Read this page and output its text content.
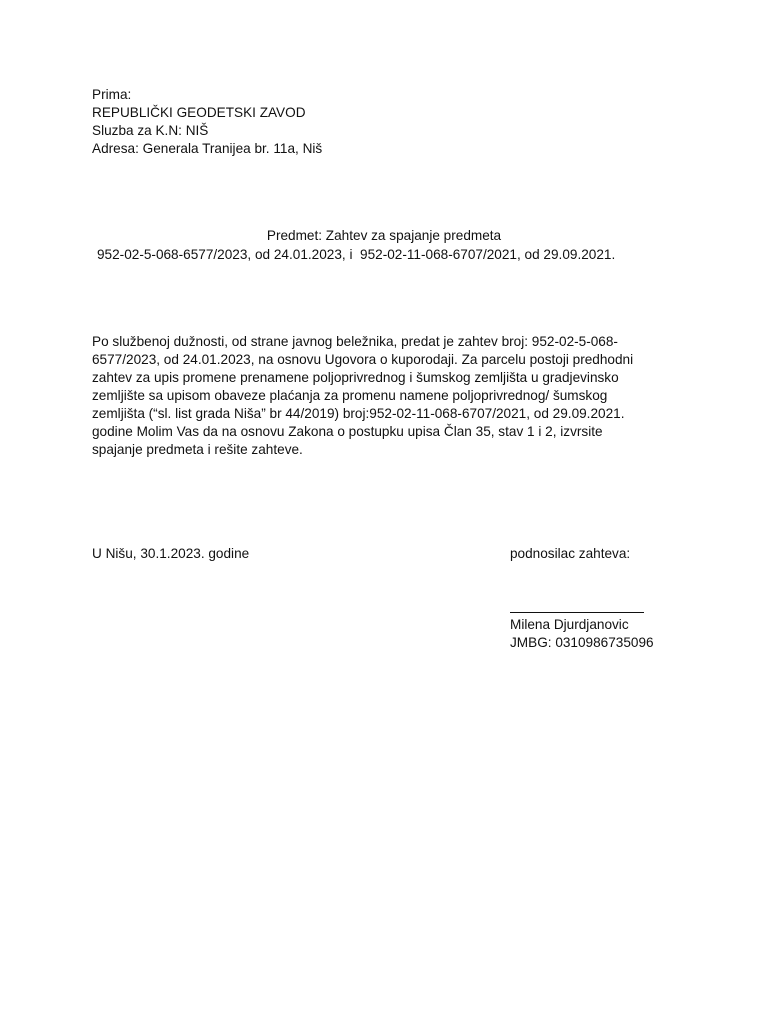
Prima:
REPUBLIČKI GEODETSKI ZAVOD
Sluzba za K.N: NIŠ
Adresa: Generala Tranijea br. 11a, Niš
Predmet: Zahtev za spajanje predmeta
952-02-5-068-6577/2023, od 24.01.2023, i  952-02-11-068-6707/2021, od 29.09.2021.
Po službenoj dužnosti, od strane javnog beležnika, predat je zahtev broj: 952-02-5-068-
6577/2023, od 24.01.2023, na osnovu Ugovora o kuporodaji. Za parcelu postoji predhodni
zahtev za upis promene prenamene poljoprivrednog i šumskog zemljišta u gradjevinsko
zemljište sa upisom obaveze plaćanja za promenu namene poljoprivrednog/ šumskog
zemljišta (“sl. list grada Niša” br 44/2019) broj:952-02-11-068-6707/2021, od 29.09.2021.
godine Molim Vas da na osnovu Zakona o postupku upisa Član 35, stav 1 i 2, izvrsite
spajanje predmeta i rešite zahteve.
U Nišu, 30.1.2023. godine	podnosilac zahteva:
Milena Djurdjanovic
JMBG: 0310986735096
